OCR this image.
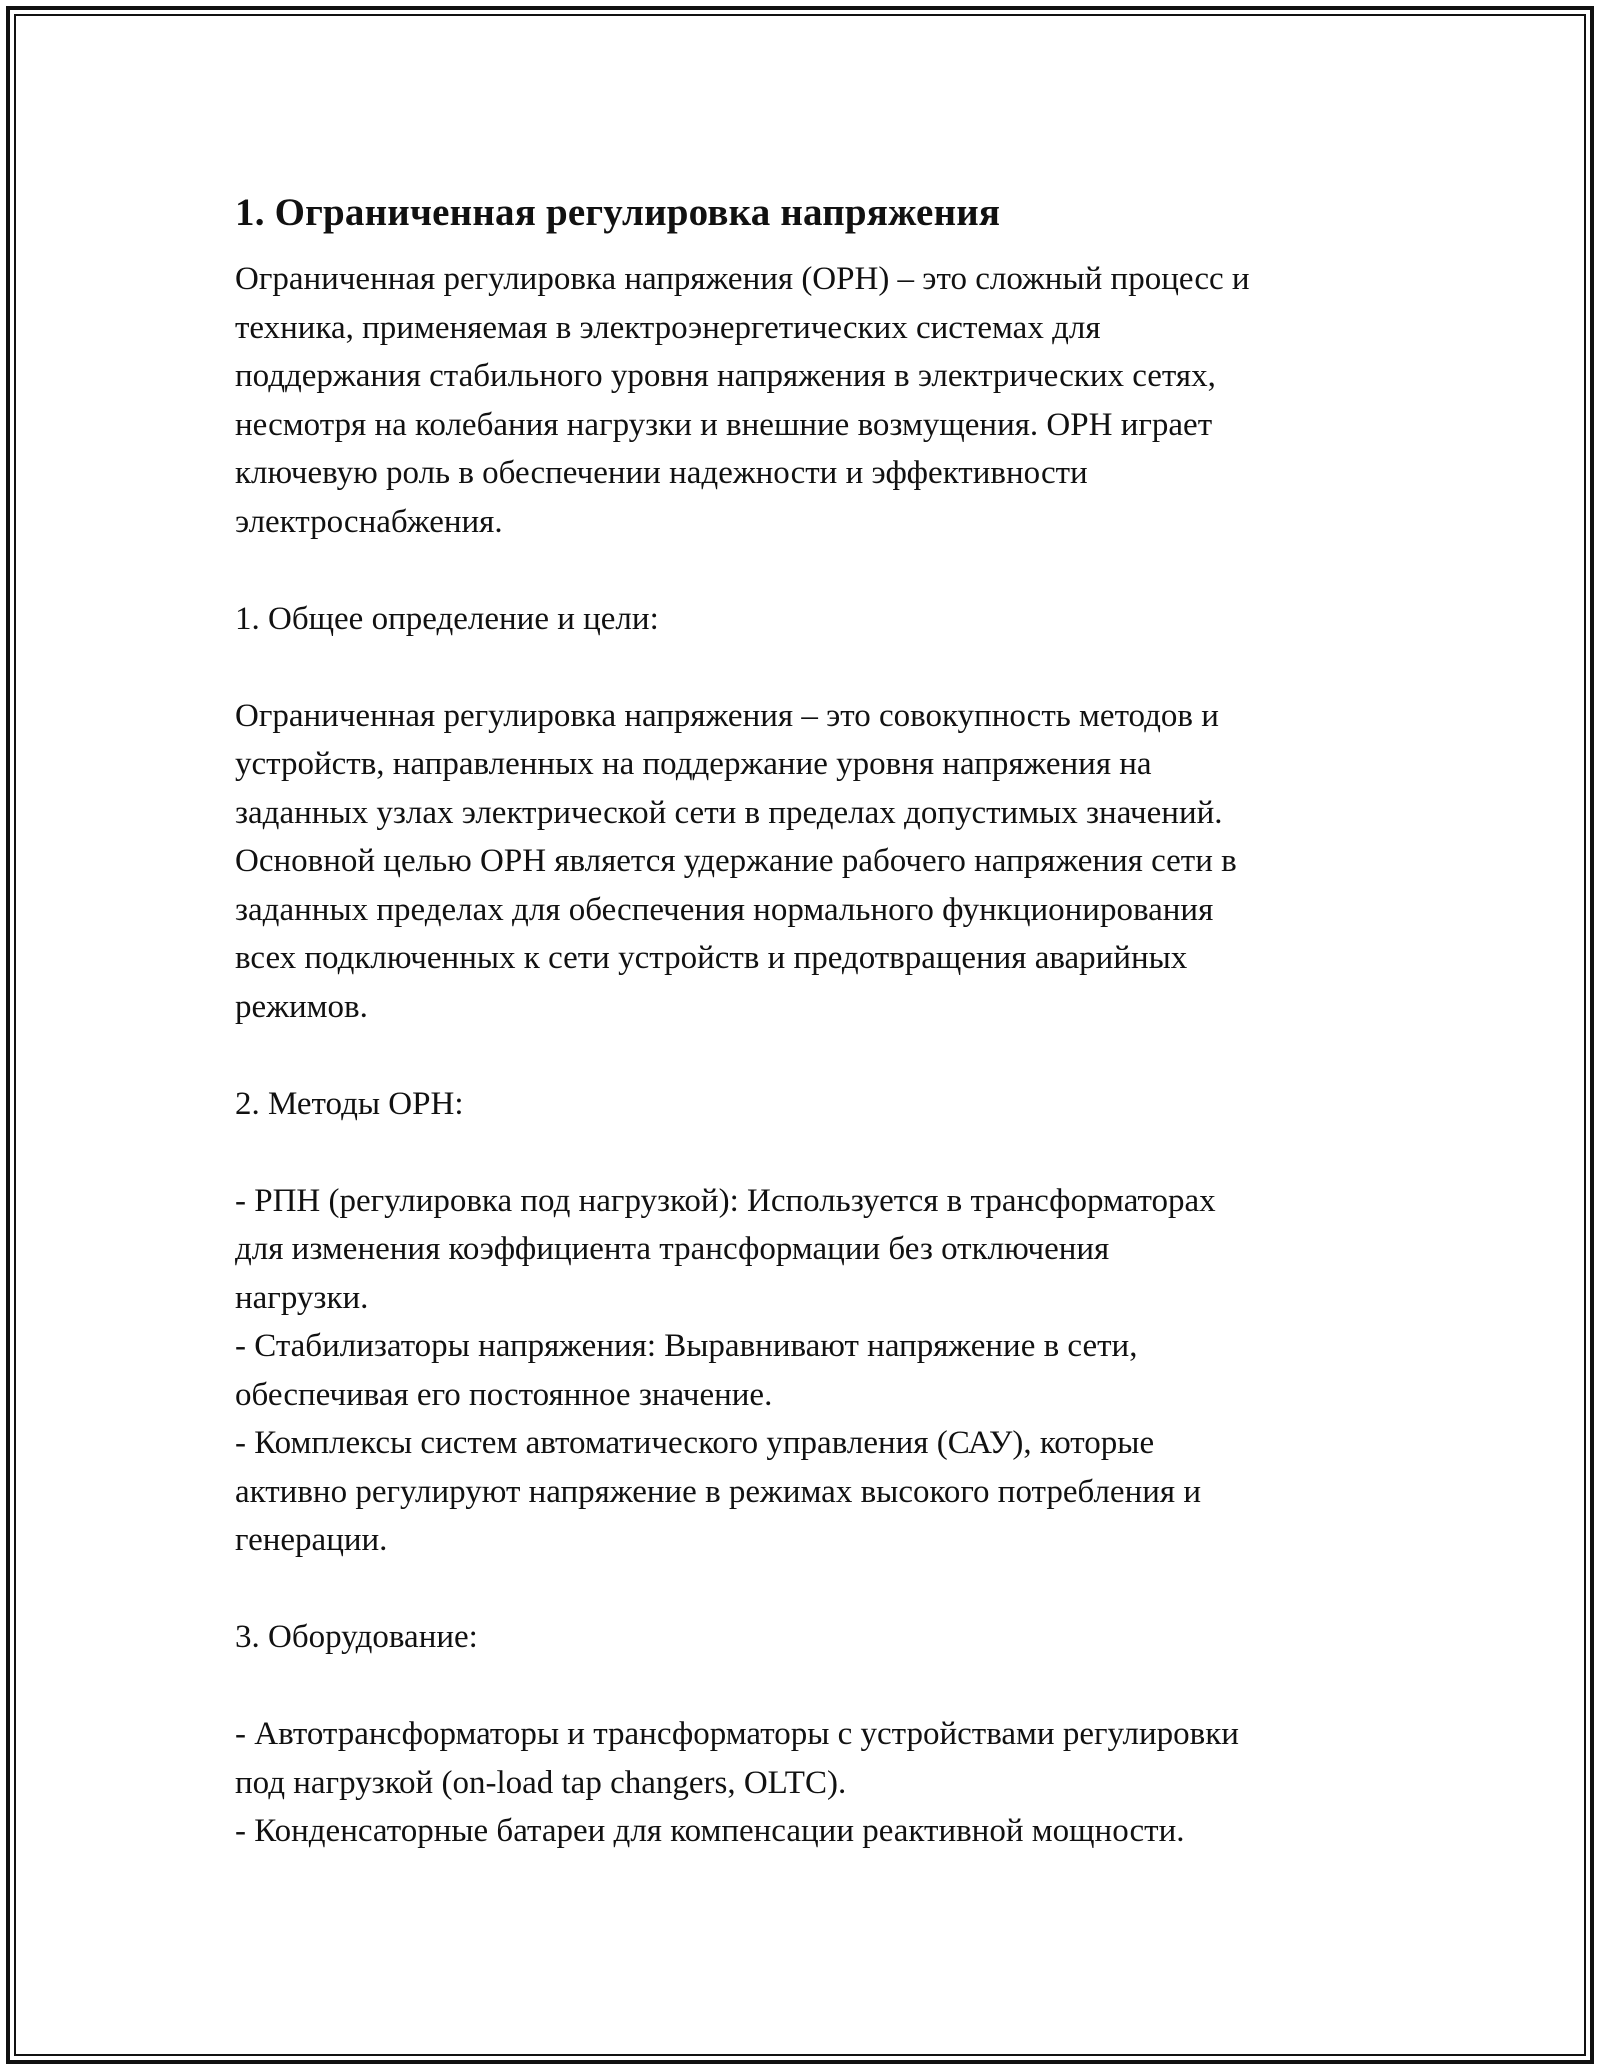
1. Ограниченная регулировка напряжения

Ограниченная регулировка напряжения (ОРН) – это сложный процесс и
техника, применяемая в электроэнергетических системах для
поддержания стабильного уровня напряжения в электрических сетях,
несмотря на колебания нагрузки и внешние возмущения. ОРН играет
ключевую роль в обеспечении надежности и эффективности
электроснабжения.

1. Общее определение и цели:

Ограниченная регулировка напряжения – это совокупность методов и
устройств, направленных на поддержание уровня напряжения на
заданных узлах электрической сети в пределах допустимых значений.
Основной целью ОРН является удержание рабочего напряжения сети в
заданных пределах для обеспечения нормального функционирования
всех подключенных к сети устройств и предотвращения аварийных
режимов.

2. Методы ОРН:

- РПН (регулировка под нагрузкой): Используется в трансформаторах
для изменения коэффициента трансформации без отключения
нагрузки.

- Стабилизаторы напряжения: Выравнивают напряжение в сети,
обеспечивая его постоянное значение.

- Комплексы систем автоматического управления (САУ), которые
активно регулируют напряжение в режимах высокого потребления и
генерации.

3. Оборудование:

- Автотрансформаторы и трансформаторы с устройствами регулировки
под нагрузкой (on-load tap changers, OLTC).

- Конденсаторные батареи для компенсации реактивной мощности.
